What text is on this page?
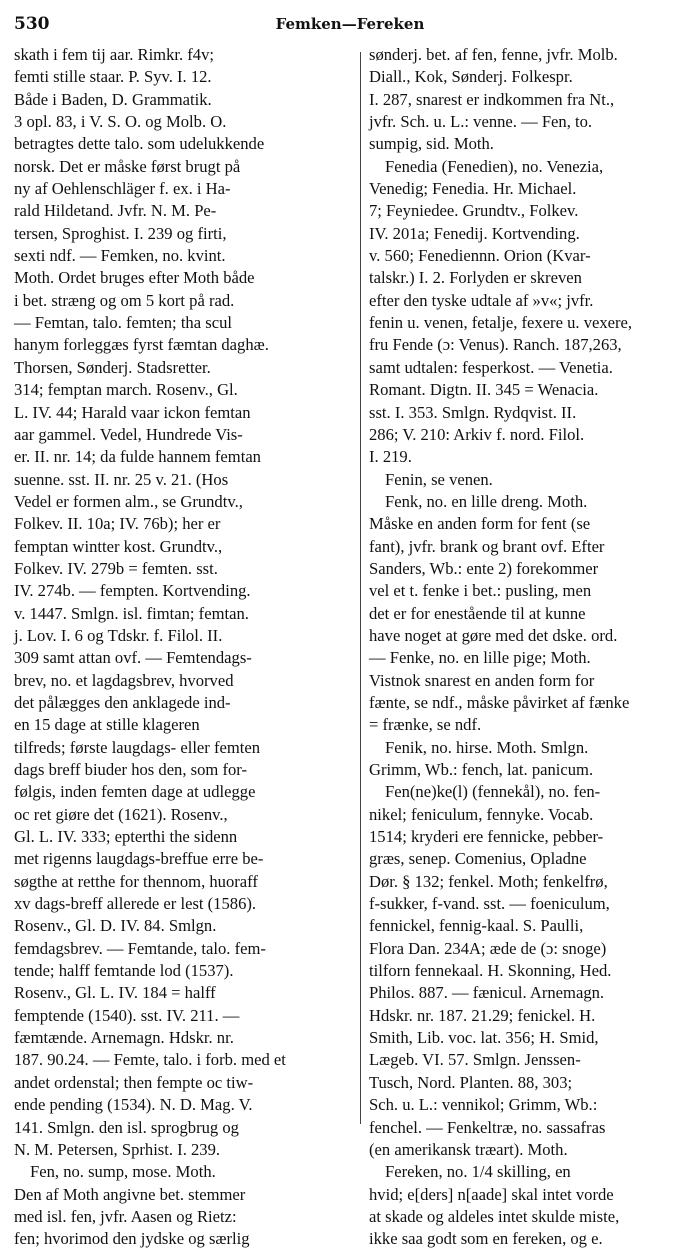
530	Femken—Fereken
skath i fem tij aar. Rimkr. f4v;
femti stille staar. P. Syv. I. 12.
Både i Baden, D. Grammatik.
3 opl. 83, i V. S. O. og Molb. O.
betragtes dette talo. som udelukkende
norsk. Det er måske først brugt på
ny af Oehlenschläger f. ex. i Ha-
rald Hildetand. Jvfr. N. M. Pe-
tersen, Sproghist. I. 239 og firti,
sexti ndf. — Femken, no. kvint.
Moth. Ordet bruges efter Moth både
i bet. stræng og om 5 kort på rad.
— Femtan, talo. femten; tha scul
hanym forleggæs fyrst fæmtan daghæ.
Thorsen, Sønderj. Stadsretter.
314; femptan march. Rosenv., Gl.
L. IV. 44; Harald vaar ickon femtan
aar gammel. Vedel, Hundrede Vis-
er. II. nr. 14; da fulde hannem femtan
suenne. sst. II. nr. 25 v. 21. (Hos
Vedel er formen alm., se Grundtv.,
Folkev. II. 10a; IV. 76b); her er
femptan wintter kost. Grundtv.,
Folkev. IV. 279b = femten. sst.
IV. 274b. — fempten. Kortvending.
v. 1447. Smlgn. isl. fimtan; femtan.
j. Lov. I. 6 og Tdskr. f. Filol. II.
309 samt attan ovf. — Femtendags-
brev, no. et lagdagsbrev, hvorved
det pålægges den anklagede ind-
en 15 dage at stille klageren
tilfreds; første laugdags- eller femten
dags breff biuder hos den, som for-
følgis, inden femten dage at udlegge
oc ret giøre det (1621). Rosenv.,
Gl. L. IV. 333; epterthi the sidenn
met rigenns laugdags-breffue erre be-
søgthe at retthe for thennom, huoraff
xv dags-breff allerede er lest (1586).
Rosenv., Gl. D. IV. 84. Smlgn.
femdagsbrev. — Femtande, talo. fem-
tende; halff femtande lod (1537).
Rosenv., Gl. L. IV. 184 = halff
femptende (1540). sst. IV. 211. —
fæmtænde. Arnemagn. Hdskr. nr.
187. 90.24. — Femte, talo. i forb. med et
andet ordenstal; then fempte oc tiw-
ende pending (1534). N. D. Mag. V.
141. Smlgn. den isl. sprogbrug og
N. M. Petersen, Sprhist. I. 239.
Fen, no. sump, mose. Moth.
Den af Moth angivne bet. stemmer
med isl. fen, jvfr. Aasen og Rietz:
fen; hvorimod den jydske og særlig
sønderj. bet. af fen, fenne, jvfr. Molb.
Diall., Kok, Sønderj. Folkespr.
I. 287, snarest er indkommen fra Nt.,
jvfr. Sch. u. L.: venne. — Fen, to.
sumpig, sid. Moth.
Fenedia (Fenedien), no. Venezia,
Venedig; Fenedia. Hr. Michael.
7; Feyniedee. Grundtv., Folkev.
IV. 201a; Fenedij. Kortvending.
v. 560; Fenediennn. Orion (Kvar-
talskr.) I. 2. Forlyden er skreven
efter den tyske udtale af »v«; jvfr.
fenin u. venen, fetalje, fexere u. vexere,
fru Fende (ɔ: Venus). Ranch. 187,263,
samt udtalen: fesperkost. — Venetia.
Romant. Digtn. II. 345 = Wenacia.
sst. I. 353. Smlgn. Rydqvist. II.
286; V. 210: Arkiv f. nord. Filol.
I. 219.
Fenin, se venen.
Fenk, no. en lille dreng. Moth.
Måske en anden form for fent (se
fant), jvfr. brank og brant ovf. Efter
Sanders, Wb.: ente 2) forekommer
vel et t. fenke i bet.: pusling, men
det er for enestående til at kunne
have noget at gøre med det dske. ord.
— Fenke, no. en lille pige; Moth.
Vistnok snarest en anden form for
fænte, se ndf., måske påvirket af fænke
= frænke, se ndf.
Fenik, no. hirse. Moth. Smlgn.
Grimm, Wb.: fench, lat. panicum.
Fen(ne)ke(l) (fennekål), no. fen-
nikel; feniculum, fennyke. Vocab.
1514; kryderi ere fennicke, pebber-
græs, senep. Comenius, Opladne
Dør. § 132; fenkel. Moth; fenkelfrø,
f-sukker, f-vand. sst. — foeniculum,
fennickel, fennig-kaal. S. Paulli,
Flora Dan. 234A; æde de (ɔ: snoge)
tilforn fennekaal. H. Skonning, Hed.
Philos. 887. — fænicul. Arnemagn.
Hdskr. nr. 187. 21.29; fenickel. H.
Smith, Lib. voc. lat. 356; H. Smid,
Lægeb. VI. 57. Smlgn. Jenssen-
Tusch, Nord. Planten. 88, 303;
Sch. u. L.: vennikol; Grimm, Wb.:
fenchel. — Fenkeltræ, no. sassafras
(en amerikansk træart). Moth.
Fereken, no. 1/4 skilling, en
hvid; e[ders] n[aade] skal intet vorde
at skade og aldeles intet skulde miste,
ikke saa godt som en fereken, og e.
